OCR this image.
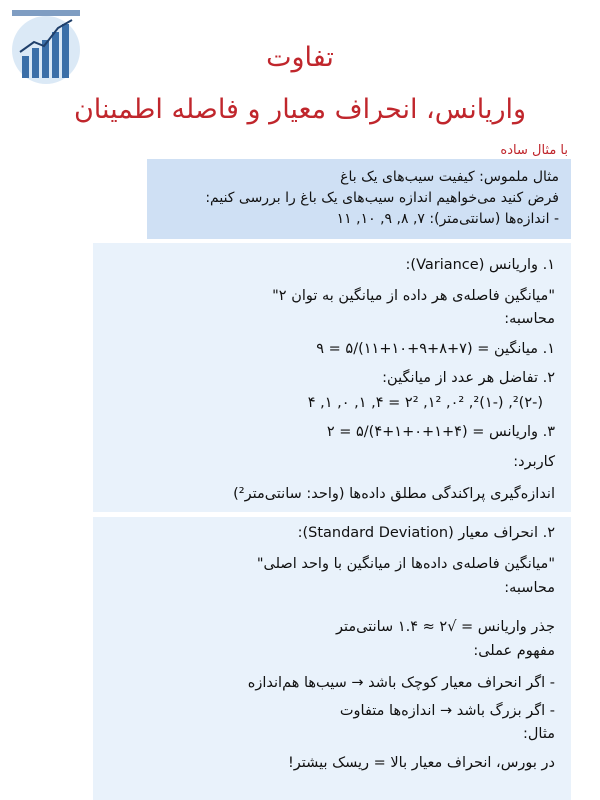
تفاوت
واریانس، انحراف معیار و فاصله اطمینان
با مثال ساده
مثال ملموس: کیفیت سیب‌های یک باغ
فرض کنید می‌خواهیم اندازه سیب‌های یک باغ را بررسی کنیم:
- اندازه‌ها (سانتی‌متر): ۷, ۸, ۹, ۱۰, ۱۱
۱. واریانس (Variance):
"میانگین فاصله‌ی هر داده از میانگین به توان ۲"
محاسبه:
۱. میانگین = (۷+۸+۹+۱۰+۱۱)/۵ = ۹
۲. تفاضل هر عدد از میانگین:
(-۲)², (-۱)², ۰², ۱², ۲² = ۴, ۱, ۰, ۱, ۴
۳. واریانس = (۴+۱+۰+۱+۴)/۵ = ۲
کاربرد:
اندازه‌گیری پراکندگی مطلق داده‌ها (واحد: سانتی‌متر²)
۲. انحراف معیار (Standard Deviation):
"میانگین فاصله‌ی داده‌ها از میانگین با واحد اصلی"
محاسبه:
جذر واریانس = √۲ ≈ ۱.۴ سانتی‌متر
مفهوم عملی:
- اگر انحراف معیار کوچک باشد → سیب‌ها هم‌اندازه
- اگر بزرگ باشد → اندازه‌ها متفاوت
مثال:
در بورس، انحراف معیار بالا = ریسک بیشتر!
